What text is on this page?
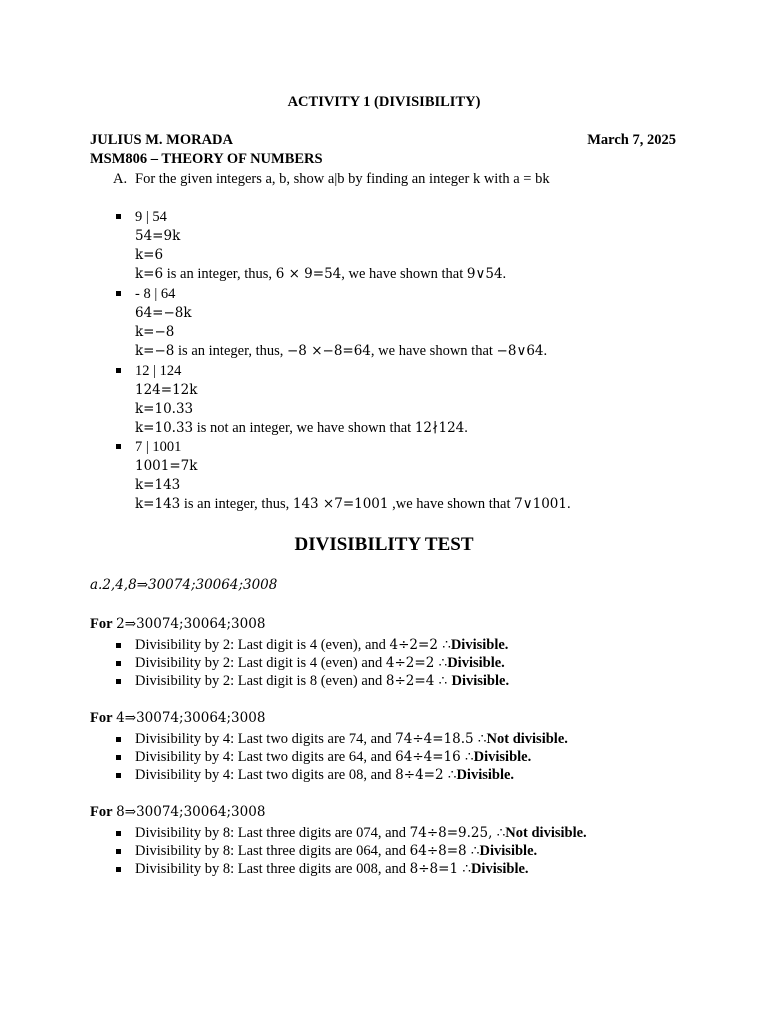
ACTIVITY 1 (DIVISIBILITY)
JULIUS M. MORADA	March 7, 2025
MSM806 – THEORY OF NUMBERS
A. For the given integers a, b, show a|b by finding an integer k with a = bk
9 | 54
54=9k
k=6
k=6 is an integer, thus, 6 × 9=54, we have shown that 9∨54.
- 8 | 64
64=−8k
k=−8
k=−8 is an integer, thus, −8 ×−8=64, we have shown that −8∨64.
12 | 124
124=12k
k=10.33
k=10.33 is not an integer, we have shown that 12∤124.
7 | 1001
1001=7k
k=143
k=143 is an integer, thus, 143 ×7=1001 ,we have shown that 7∨1001.
DIVISIBILITY TEST
a.2,4,8⇒30074;30064;3008
For 2⇒30074;30064;3008
Divisibility by 2: Last digit is 4 (even), and 4÷2=2 ∴Divisible.
Divisibility by 2: Last digit is 4 (even) and 4÷2=2 ∴Divisible.
Divisibility by 2: Last digit is 8 (even) and 8÷2=4 ∴ Divisible.
For 4⇒30074;30064;3008
Divisibility by 4: Last two digits are 74, and 74÷4=18.5 ∴Not divisible.
Divisibility by 4: Last two digits are 64, and 64÷4=16 ∴Divisible.
Divisibility by 4: Last two digits are 08, and 8÷4=2 ∴Divisible.
For 8⇒30074;30064;3008
Divisibility by 8: Last three digits are 074, and 74÷8=9.25, ∴Not divisible.
Divisibility by 8: Last three digits are 064, and 64÷8=8 ∴Divisible.
Divisibility by 8: Last three digits are 008, and 8÷8=1 ∴Divisible.
